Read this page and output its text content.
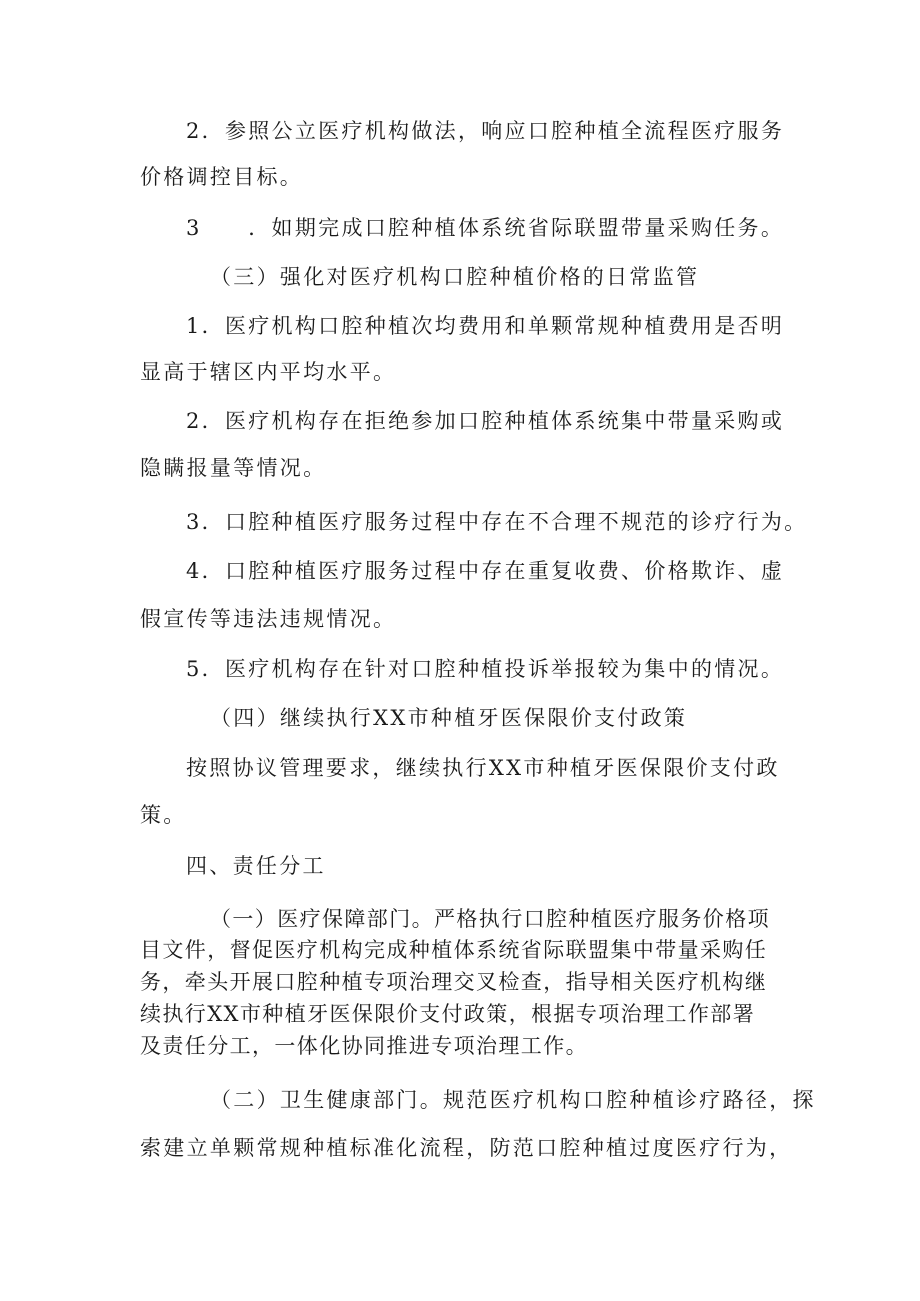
2．参照公立医疗机构做法，响应口腔种植全流程医疗服务
价格调控目标。
3　　．如期完成口腔种植体系统省际联盟带量采购任务。
（三）强化对医疗机构口腔种植价格的日常监管
1．医疗机构口腔种植次均费用和单颗常规种植费用是否明
显高于辖区内平均水平。
2．医疗机构存在拒绝参加口腔种植体系统集中带量采购或
隐瞒报量等情况。
3．口腔种植医疗服务过程中存在不合理不规范的诊疗行为。
4．口腔种植医疗服务过程中存在重复收费、价格欺诈、虚
假宣传等违法违规情况。
5．医疗机构存在针对口腔种植投诉举报较为集中的情况。
（四）继续执行XX市种植牙医保限价支付政策
按照协议管理要求，继续执行XX市种植牙医保限价支付政
策。
四、责任分工
（一）医疗保障部门。严格执行口腔种植医疗服务价格项
目文件，督促医疗机构完成种植体系统省际联盟集中带量采购任
务，牵头开展口腔种植专项治理交叉检查，指导相关医疗机构继
续执行XX市种植牙医保限价支付政策，根据专项治理工作部署
及责任分工，一体化协同推进专项治理工作。
（二）卫生健康部门。规范医疗机构口腔种植诊疗路径，探
索建立单颗常规种植标准化流程，防范口腔种植过度医疗行为，
